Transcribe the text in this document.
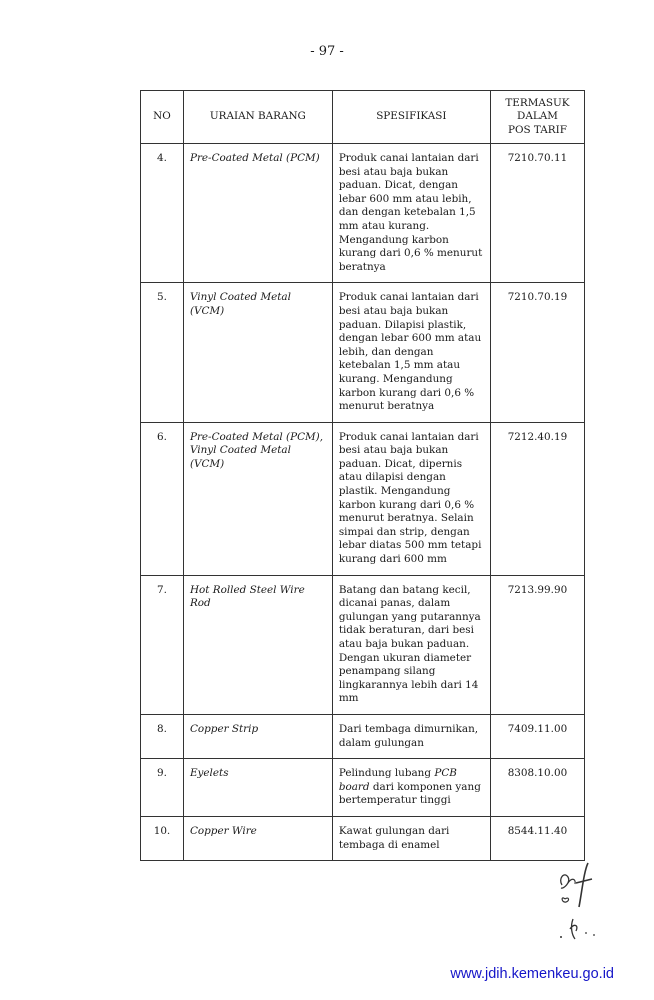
- 97 -
NO	URAIAN BARANG	SPESIFIKASI	TERMASUK
DALAM
POS TARIF
4.	Pre-Coated Metal (PCM)	Produk canai lantaian dari besi atau baja bukan paduan. Dicat, dengan lebar 600 mm atau lebih, dan dengan ketebalan 1,5 mm atau kurang. Mengandung karbon kurang dari 0,6 % menurut beratnya	7210.70.11
5.	Vinyl Coated Metal (VCM)	Produk canai lantaian dari besi atau baja bukan paduan. Dilapisi plastik, dengan lebar 600 mm atau lebih, dan dengan ketebalan 1,5 mm atau kurang. Mengandung karbon kurang dari 0,6 % menurut beratnya	7210.70.19
6.	Pre-Coated Metal (PCM),
Vinyl Coated Metal (VCM)	Produk canai lantaian dari besi atau baja bukan paduan. Dicat, dipernis atau dilapisi dengan plastik. Mengandung karbon kurang dari 0,6 % menurut beratnya. Selain simpai dan strip, dengan lebar diatas 500 mm tetapi kurang dari 600 mm	7212.40.19
7.	Hot Rolled Steel Wire Rod	Batang dan batang kecil, dicanai panas, dalam gulungan yang putarannya tidak beraturan, dari besi atau baja bukan paduan. Dengan ukuran diameter penampang silang lingkarannya lebih dari 14 mm	7213.99.90
8.	Copper Strip	Dari tembaga dimurnikan, dalam gulungan	7409.11.00
9.	Eyelets	Pelindung lubang PCB board dari komponen yang bertemperatur tinggi	8308.10.00
10.	Copper Wire	Kawat gulungan dari tembaga di enamel	8544.11.40
www.jdih.kemenkeu.go.id
